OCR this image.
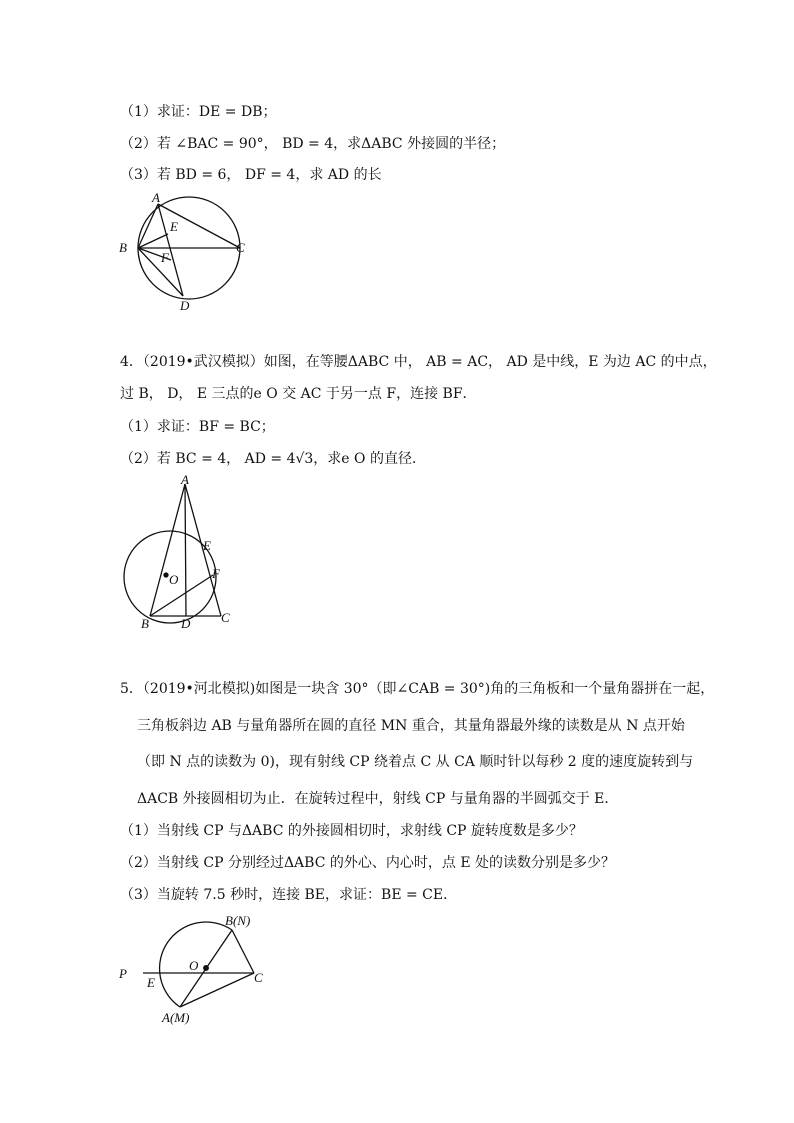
（1）求证：DE = DB；
（2）若 ∠BAC = 90°， BD = 4，求ΔABC 外接圆的半径；
（3）若 BD = 6， DF = 4，求 AD 的长
A
B	C
D
E
F
4．（2019•武汉模拟）如图，在等腰ΔABC 中， AB = AC， AD 是中线，E 为边 AC 的中点，
过 B， D， E 三点的e O 交 AC 于另一点 F，连接 BF．
（1）求证：BF = BC；
（2）若 BC = 4， AD = 4√3，求e O 的直径．
A
E
F
O
B D C
5．（2019•河北模拟)如图是一块含 30°（即∠CAB = 30°)角的三角板和一个量角器拼在一起，
三角板斜边 AB 与量角器所在圆的直径 MN 重合，其量角器最外缘的读数是从 N 点开始
（即 N 点的读数为 0)，现有射线 CP 绕着点 C 从 CA 顺时针以每秒 2 度的速度旋转到与
ΔACB 外接圆相切为止．在旋转过程中，射线 CP 与量角器的半圆弧交于 E．
（1）当射线 CP 与ΔABC 的外接圆相切时，求射线 CP 旋转度数是多少？
（2）当射线 CP 分别经过ΔABC 的外心、内心时，点 E 处的读数分别是多少？
（3）当旋转 7.5 秒时，连接 BE，求证：BE = CE．
B(N)
O
C
P
E
A(M)
